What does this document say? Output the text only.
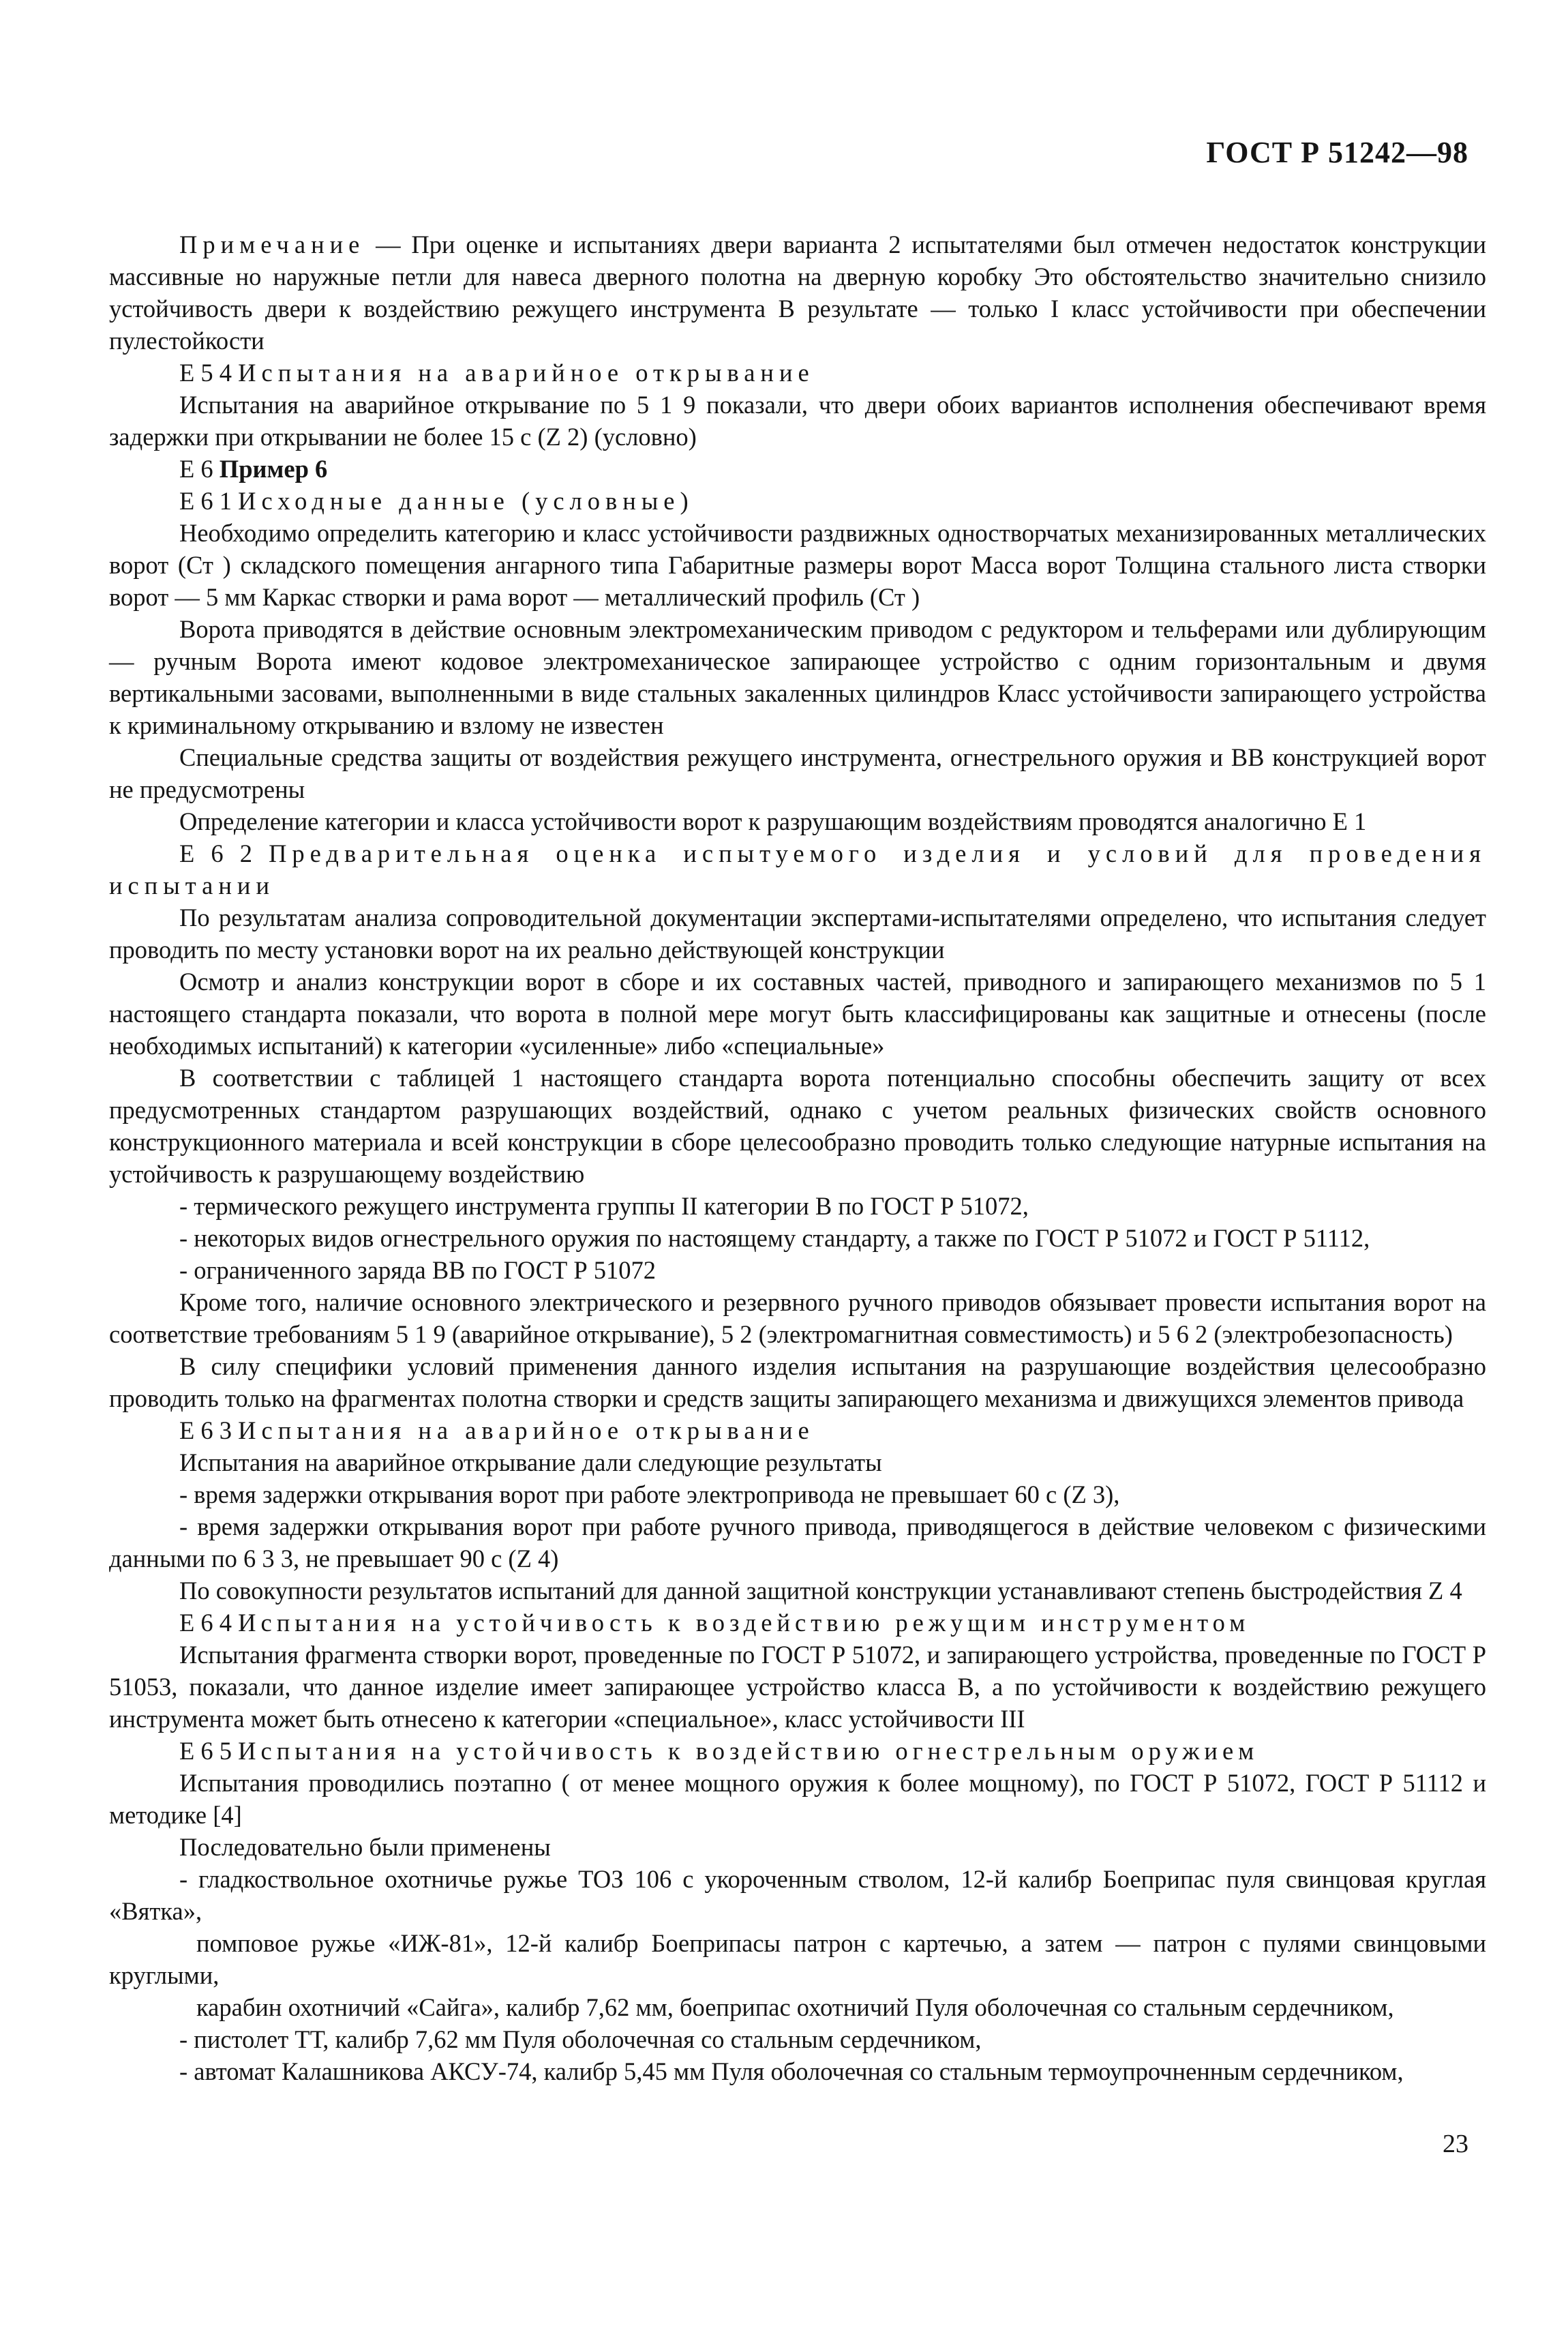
ГОСТ Р 51242—98

Примечание — При оценке и испытаниях двери варианта 2 испытателями был отмечен недостаток конструкции массивные но наружные петли для навеса дверного полотна на дверную коробку Это обстоятельство значительно снизило устойчивость двери к воздействию режущего инструмента В результате — только I класс устойчивости при обеспечении пулестойкости

Е 5 4 Испытания на аварийное открывание

Испытания на аварийное открывание по 5 1 9 показали, что двери обоих вариантов исполнения обеспечивают время задержки при открывании не более 15 с (Z 2) (условно)

Е 6 Пример 6

Е 6 1 Исходные данные (условные)

Необходимо определить категорию и класс устойчивости раздвижных одностворчатых механизированных металлических ворот (Ст ) складского помещения ангарного типа Габаритные размеры ворот Масса ворот Толщина стального листа створки ворот — 5 мм Каркас створки и рама ворот — металлический профиль (Ст )

Ворота приводятся в действие основным электромеханическим приводом с редуктором и тельферами или дублирующим — ручным Ворота имеют кодовое электромеханическое запирающее устройство с одним горизонтальным и двумя вертикальными засовами, выполненными в виде стальных закаленных цилиндров Класс устойчивости запирающего устройства к криминальному открыванию и взлому не известен

Специальные средства защиты от воздействия режущего инструмента, огнестрельного оружия и ВВ конструкцией ворот не предусмотрены

Определение категории и класса устойчивости ворот к разрушающим воздействиям проводятся аналогично Е 1

Е 6 2 Предварительная оценка испытуемого изделия и условий для проведения испытании

По результатам анализа сопроводительной документации экспертами-испытателями определено, что испытания следует проводить по месту установки ворот на их реально действующей конструкции

Осмотр и анализ конструкции ворот в сборе и их составных частей, приводного и запирающего механизмов по 5 1 настоящего стандарта показали, что ворота в полной мере могут быть классифицированы как защитные и отнесены (после необходимых испытаний) к категории «усиленные» либо «специальные»

В соответствии с таблицей 1 настоящего стандарта ворота потенциально способны обеспечить защиту от всех предусмотренных стандартом разрушающих воздействий, однако с учетом реальных физических свойств основного конструкционного материала и всей конструкции в сборе целесообразно проводить только следующие натурные испытания на устойчивость к разрушающему воздействию

- термического режущего инструмента группы II категории В по ГОСТ Р 51072,

- некоторых видов огнестрельного оружия по настоящему стандарту, а также по ГОСТ Р 51072 и ГОСТ Р 51112,

- ограниченного заряда ВВ по ГОСТ Р 51072

Кроме того, наличие основного электрического и резервного ручного приводов обязывает провести испытания ворот на соответствие требованиям 5 1 9 (аварийное открывание), 5 2 (электромагнитная совместимость) и 5 6 2 (электробезопасность)

В силу специфики условий применения данного изделия испытания на разрушающие воздействия целесообразно проводить только на фрагментах полотна створки и средств защиты запирающего механизма и движущихся элементов привода

Е 6 3 Испытания на аварийное открывание

Испытания на аварийное открывание дали следующие результаты

- время задержки открывания ворот при работе электропривода не превышает 60 с (Z 3),

- время задержки открывания ворот при работе ручного привода, приводящегося в действие человеком с физическими данными по 6 3 3, не превышает 90 с (Z 4)

По совокупности результатов испытаний для данной защитной конструкции устанавливают степень быстродействия Z 4

Е 6 4 Испытания на устойчивость к воздействию режущим инструментом

Испытания фрагмента створки ворот, проведенные по ГОСТ Р 51072, и запирающего устройства, проведенные по ГОСТ Р 51053, показали, что данное изделие имеет запирающее устройство класса В, а по устойчивости к воздействию режущего инструмента может быть отнесено к категории «специальное», класс устойчивости III

Е 6 5 Испытания на устойчивость к воздействию огнестрельным оружием

Испытания проводились поэтапно ( от менее мощного оружия к более мощному), по ГОСТ Р 51072, ГОСТ Р 51112 и методике [4]

Последовательно были применены

- гладкоствольное охотничье ружье ТОЗ 106 с укороченным стволом, 12-й калибр Боеприпас пуля свинцовая круглая «Вятка»,

помповое ружье «ИЖ-81», 12-й калибр Боеприпасы патрон с картечью, а затем — патрон с пулями свинцовыми круглыми,

карабин охотничий «Сайга», калибр 7,62 мм, боеприпас охотничий Пуля оболочечная со стальным сердечником,

- пистолет ТТ, калибр 7,62 мм Пуля оболочечная со стальным сердечником,

- автомат Калашникова АКСУ-74, калибр 5,45 мм Пуля оболочечная со стальным термоупрочненным сердечником,

23
